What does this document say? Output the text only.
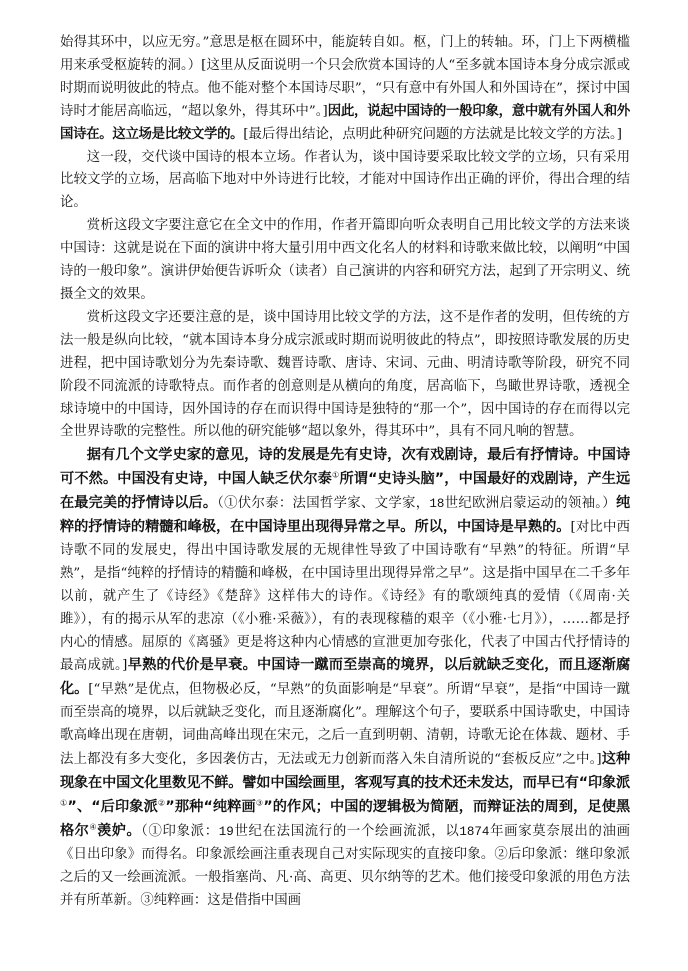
始得其环中，以应无穷。”意思是枢在圆环中，能旋转自如。枢，门上的转轴。环，门上下两横槛用来承受枢旋转的洞。）[这里从反面说明一个只会欣赏本国诗的人“至多就本国诗本身分成宗派或时期而说明彼此的特点。他不能对整个本国诗尽职”，“只有意中有外国人和外国诗在”，探讨中国诗时才能居高临远，“超以象外，得其环中”。]因此，说起中国诗的一般印象，意中就有外国人和外国诗在。这立场是比较文学的。[最后得出结论，点明此种研究问题的方法就是比较文学的方法。]

这一段，交代谈中国诗的根本立场。作者认为，谈中国诗要采取比较文学的立场，只有采用比较文学的立场，居高临下地对中外诗进行比较，才能对中国诗作出正确的评价，得出合理的结论。

赏析这段文字要注意它在全文中的作用，作者开篇即向听众表明自己用比较文学的方法来谈中国诗：这就是说在下面的演讲中将大量引用中西文化名人的材料和诗歌来做比较，以阐明“中国诗的一般印象”。演讲伊始便告诉听众（读者）自己演讲的内容和研究方法，起到了开宗明义、统摄全文的效果。

赏析这段文字还要注意的是，谈中国诗用比较文学的方法，这不是作者的发明，但传统的方法一般是纵向比较，“就本国诗本身分成宗派或时期而说明彼此的特点”，即按照诗歌发展的历史进程，把中国诗歌划分为先秦诗歌、魏晋诗歌、唐诗、宋词、元曲、明清诗歌等阶段，研究不同阶段不同流派的诗歌特点。而作者的创意则是从横向的角度，居高临下，鸟瞰世界诗歌，透视全球诗境中的中国诗，因外国诗的存在而识得中国诗是独特的“那一个”，因中国诗的存在而得以完全世界诗歌的完整性。所以他的研究能够“超以象外，得其环中”，具有不同凡响的智慧。

据有几个文学史家的意见，诗的发展是先有史诗，次有戏剧诗，最后有抒情诗。中国诗可不然。中国没有史诗，中国人缺乏伏尔泰①所谓“史诗头脑”，中国最好的戏剧诗，产生远在最完美的抒情诗以后。（①伏尔泰：法国哲学家、文学家，18世纪欧洲启蒙运动的领袖。）纯粹的抒情诗的精髓和峰极，在中国诗里出现得异常之早。所以，中国诗是早熟的。[对比中西诗歌不同的发展史，得出中国诗歌发展的无规律性导致了中国诗歌有“早熟”的特征。所谓“早熟”，是指“纯粹的抒情诗的精髓和峰极，在中国诗里出现得异常之早”。这是指中国早在二千多年以前，就产生了《诗经》《楚辞》这样伟大的诗作。《诗经》有的歌颂纯真的爱情（《周南·关雎》），有的揭示从军的悲凉（《小雅·采薇》），有的表现稼穑的艰辛（《小雅·七月》），……都是抒内心的情感。屈原的《离骚》更是将这种内心情感的宣泄更加夸张化，代表了中国古代抒情诗的最高成就。]早熟的代价是早衰。中国诗一蹴而至崇高的境界，以后就缺乏变化，而且逐渐腐化。[“早熟”是优点，但物极必反，“早熟”的负面影响是“早衰”。所谓“早衰”，是指“中国诗一蹴而至崇高的境界，以后就缺乏变化，而且逐渐腐化”。理解这个句子，要联系中国诗歌史，中国诗歌高峰出现在唐朝，词曲高峰出现在宋元，之后一直到明朝、清朝，诗歌无论在体裁、题材、手法上都没有多大变化，多因袭仿古，无法或无力创新而落入朱自清所说的“套板反应”之中。]这种现象在中国文化里数见不鲜。譬如中国绘画里，客观写真的技术还未发达，而早已有“印象派①”、“后印象派②”那种“纯粹画③”的作风；中国的逻辑极为简陋，而辩证法的周到，足使黑格尔④羡妒。（①印象派：19世纪在法国流行的一个绘画流派，以1874年画家莫奈展出的油画《日出印象》而得名。印象派绘画注重表现自己对实际现实的直接印象。②后印象派：继印象派之后的又一绘画流派。一般指塞尚、凡·高、高更、贝尔纳等的艺术。他们接受印象派的用色方法并有所革新。③纯粹画：这是借指中国画
